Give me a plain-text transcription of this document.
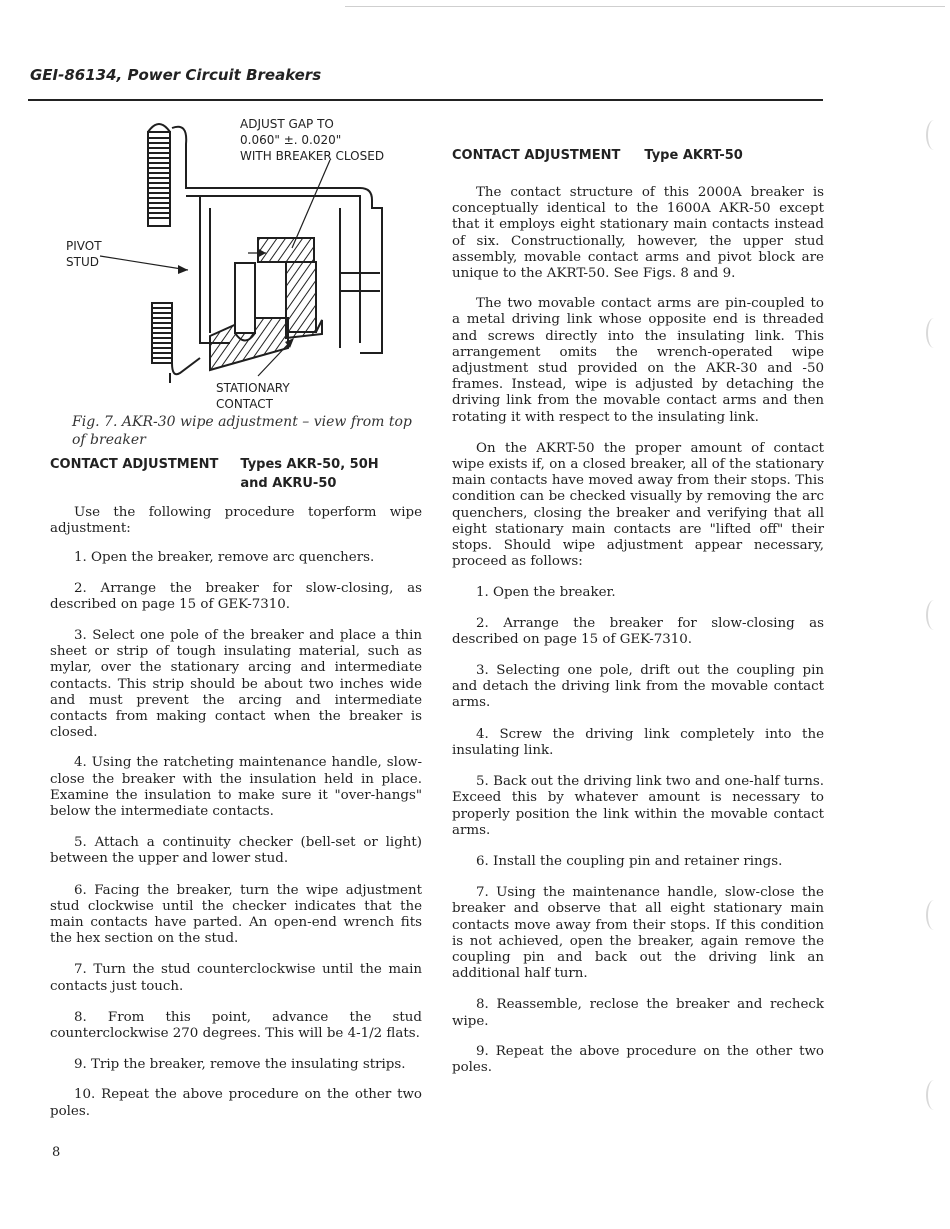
GEI-86134, Power Circuit Breakers
ADJUST GAP TO
0.060" ±. 0.020"
WITH BREAKER CLOSED
PIVOT
STUD
STATIONARY
CONTACT
Fig. 7. AKR-30 wipe adjustment – view from top of breaker
CONTACT ADJUSTMENT Types AKR-50, 50H
and AKRU-50

Use the following procedure toperform wipe adjustment:

1. Open the breaker, remove arc quenchers.

2. Arrange the breaker for slow-closing, as described on page 15 of GEK-7310.

3. Select one pole of the breaker and place a thin sheet or strip of tough insulating material, such as mylar, over the stationary arcing and intermediate contacts. This strip should be about two inches wide and must prevent the arcing and intermediate contacts from making contact when the breaker is closed.

4. Using the ratcheting maintenance handle, slow-close the breaker with the insulation held in place. Examine the insulation to make sure it "over-hangs" below the intermediate contacts.

5. Attach a continuity checker (bell-set or light) between the upper and lower stud.

6. Facing the breaker, turn the wipe adjustment stud clockwise until the checker indicates that the main contacts have parted. An open-end wrench fits the hex section on the stud.

7. Turn the stud counterclockwise until the main contacts just touch.

8. From this point, advance the stud counterclockwise 270 degrees. This will be 4-1/2 flats.

9. Trip the breaker, remove the insulating strips.

10. Repeat the above procedure on the other two poles.

CONTACT ADJUSTMENT Type AKRT-50

The contact structure of this 2000A breaker is conceptually identical to the 1600A AKR-50 except that it employs eight stationary main contacts instead of six. Constructionally, however, the upper stud assembly, movable contact arms and pivot block are unique to the AKRT-50. See Figs. 8 and 9.

The two movable contact arms are pin-coupled to a metal driving link whose opposite end is threaded and screws directly into the insulating link. This arrangement omits the wrench-operated wipe adjustment stud provided on the AKR-30 and -50 frames. Instead, wipe is adjusted by detaching the driving link from the movable contact arms and then rotating it with respect to the insulating link.

On the AKRT-50 the proper amount of contact wipe exists if, on a closed breaker, all of the stationary main contacts have moved away from their stops. This condition can be checked visually by removing the arc quenchers, closing the breaker and verifying that all eight stationary main contacts are "lifted off" their stops. Should wipe adjustment appear necessary, proceed as follows:

1. Open the breaker.

2. Arrange the breaker for slow-closing as described on page 15 of GEK-7310.

3. Selecting one pole, drift out the coupling pin and detach the driving link from the movable contact arms.

4. Screw the driving link completely into the insulating link.

5. Back out the driving link two and one-half turns. Exceed this by whatever amount is necessary to properly position the link within the movable contact arms.

6. Install the coupling pin and retainer rings.

7. Using the maintenance handle, slow-close the breaker and observe that all eight stationary main contacts move away from their stops. If this condition is not achieved, open the breaker, again remove the coupling pin and back out the driving link an additional half turn.

8. Reassemble, reclose the breaker and recheck wipe.

9. Repeat the above procedure on the other two poles.

8
